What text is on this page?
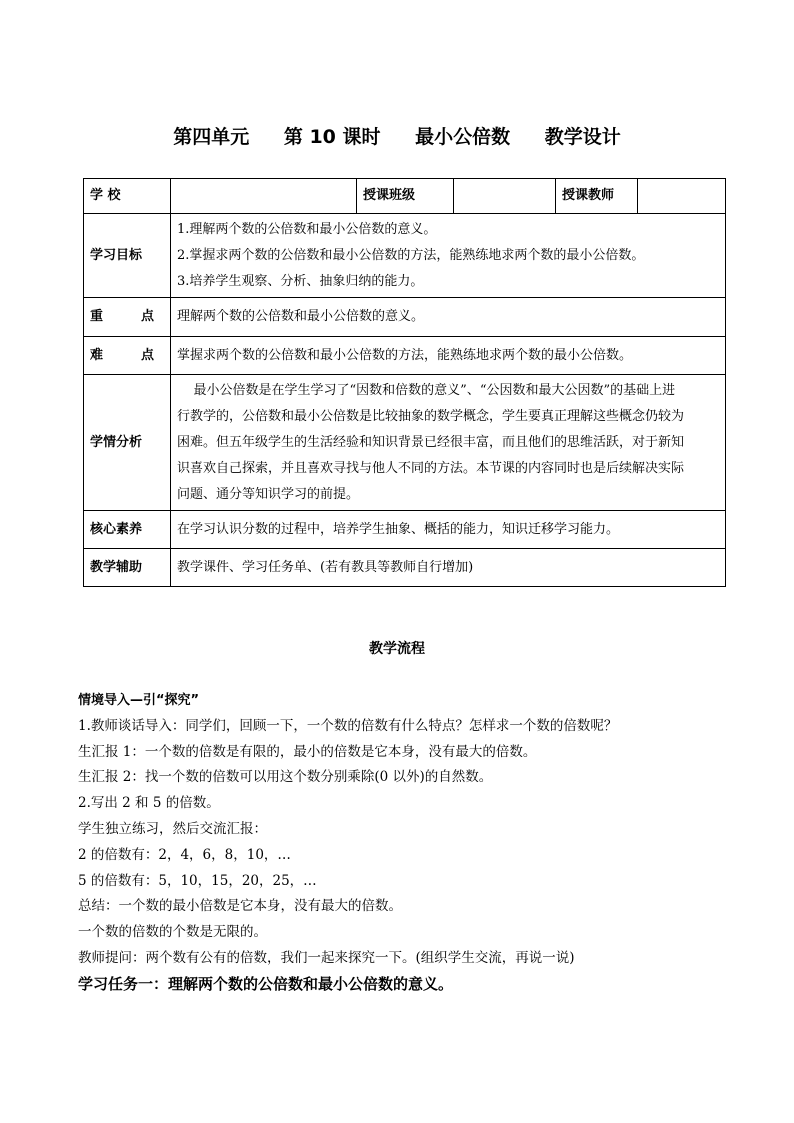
第四单元 第 10 课时 最小公倍数 教学设计
学 校		授课班级		授课教师	
学习目标	1.理解两个数的公倍数和最小公倍数的意义。

2.掌握求两个数的公倍数和最小公倍数的方法，能熟练地求两个数的最小公倍数。

3.培养学生观察、分析、抽象归纳的能力。				

重 点	理解两个数的公倍数和最小公倍数的意义。				

难 点	掌握求两个数的公倍数和最小公倍数的方法，能熟练地求两个数的最小公倍数。				
学情分析	最小公倍数是在学生学习了“因数和倍数的意义”、“公因数和最大公因数”的基础上进

行教学的，公倍数和最小公倍数是比较抽象的数学概念，学生要真正理解这些概念仍较为

困难。但五年级学生的生活经验和知识背景已经很丰富，而且他们的思维活跃，对于新知

识喜欢自己探索，并且喜欢寻找与他人不同的方法。本节课的内容同时也是后续解决实际

问题、通分等知识学习的前提。				

核心素养	在学习认识分数的过程中，培养学生抽象、概括的能力，知识迁移学习能力。				
教学辅助	教学课件、学习任务单、(若有教具等教师自行增加)				
教学流程

情境导入—引“探究”

1.教师谈话导入：同学们，回顾一下，一个数的倍数有什么特点？怎样求一个数的倍数呢？

生汇报 1：一个数的倍数是有限的，最小的倍数是它本身，没有最大的倍数。

生汇报 2：找一个数的倍数可以用这个数分别乘除(0 以外)的自然数。

2.写出 2 和 5 的倍数。

学生独立练习，然后交流汇报：

2 的倍数有：2，4，6，8，10，…

5 的倍数有：5，10，15，20，25，…

总结：一个数的最小倍数是它本身，没有最大的倍数。

一个数的倍数的个数是无限的。

教师提问：两个数有公有的倍数，我们一起来探究一下。(组织学生交流，再说一说)

学习任务一：理解两个数的公倍数和最小公倍数的意义。
